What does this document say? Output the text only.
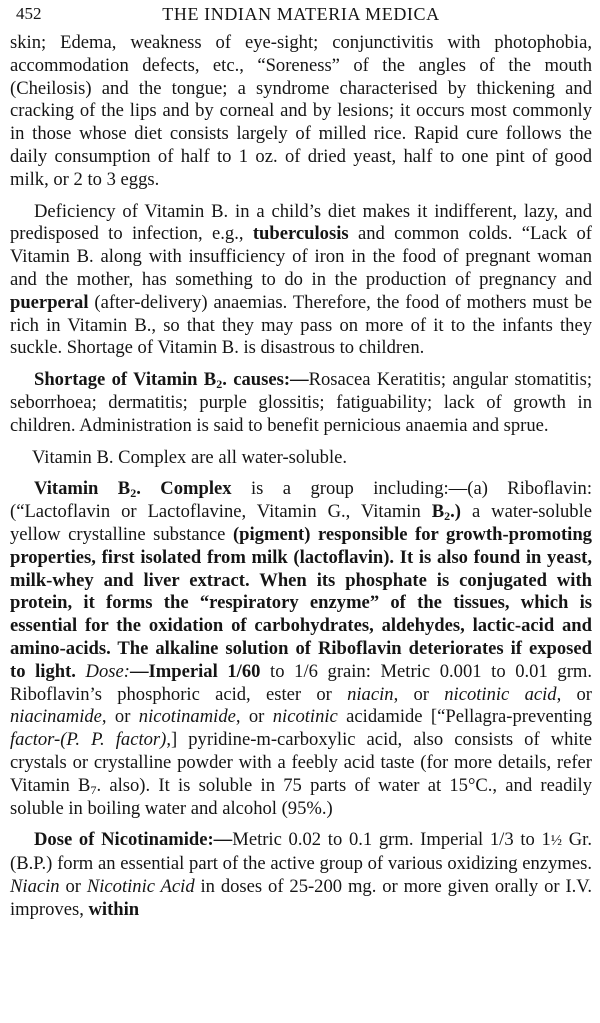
452	THE INDIAN MATERIA MEDICA

skin; Edema, weakness of eye-sight; conjunctivitis with photophobia, accommodation defects, etc., “Soreness” of the angles of the mouth (Cheilosis) and the tongue; a syndrome characterised by thickening and cracking of the lips and by corneal and by lesions; it occurs most commonly in those whose diet consists largely of milled rice. Rapid cure follows the daily consumption of half to 1 oz. of dried yeast, half to one pint of good milk, or 2 to 3 eggs.

Deficiency of Vitamin B. in a child’s diet makes it indifferent, lazy, and predisposed to infection, e.g., tuberculosis and common colds. “Lack of Vitamin B. along with insufficiency of iron in the food of pregnant woman and the mother, has something to do in the production of pregnancy and puerperal (after-delivery) anaemias. Therefore, the food of mothers must be rich in Vitamin B., so that they may pass on more of it to the infants they suckle. Shortage of Vitamin B. is disastrous to children.

Shortage of Vitamin $B_2$. causes:—Rosacea Keratitis; angular stomatitis; seborrhoea; dermatitis; purple glossitis; fatiguability; lack of growth in children. Administration is said to benefit pernicious anaemia and sprue.

Vitamin B. Complex are all water-soluble.

Vitamin $B_2$. Complex is a group including:—(a) Riboflavin: (“Lactoflavin or Lactoflavine, Vitamin G., Vitamin $B_2$.) a water-soluble yellow crystalline substance (pigment) responsible for growth-promoting properties, first isolated from milk (lactoflavin). It is also found in yeast, milk-whey and liver extract. When its phosphate is conjugated with protein, it forms the “respiratory enzyme” of the tissues, which is essential for the oxidation of carbohydrates, aldehydes, lactic-acid and amino-acids. The alkaline solution of Riboflavin deteriorates if exposed to light. Dose:—Imperial 1/60 to 1/6 grain: Metric 0.001 to 0.01 grm. Riboflavin’s phosphoric acid, ester or niacin, or nicotinic acid, or niacinamide, or nicotinamide, or nicotinic acidamide [“Pellagra-preventing factor-(P. P. factor),] pyridine-m-carboxylic acid, also consists of white crystals or crystalline powder with a feebly acid taste (for more details, refer Vitamin $B_7$. also). It is soluble in 75 parts of water at 15°C., and readily soluble in boiling water and alcohol (95%.)

Dose of Nicotinamide:—Metric 0.02 to 0.1 grm. Imperial 1/3 to 1½ Gr. (B.P.) form an essential part of the active group of various oxidizing enzymes. Niacin or Nicotinic Acid in doses of 25-200 mg. or more given orally or I.V. improves, within
